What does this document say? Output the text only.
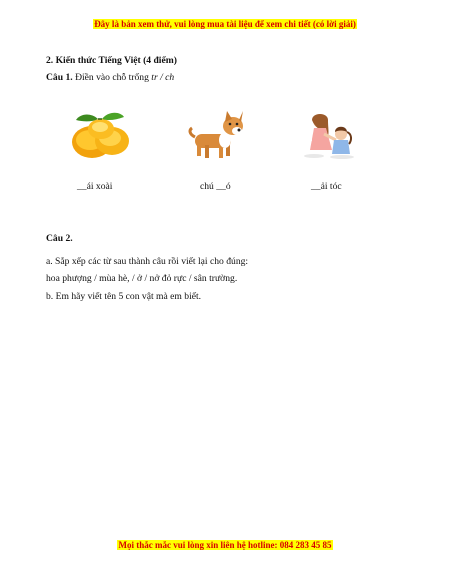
Đây là bản xem thử, vui lòng mua tài liệu để xem chi tiết (có lời giải)
2. Kiến thức Tiếng Việt (4 điểm)
Câu 1. Điền vào chỗ trống tr / ch
__ái xoài	chú __ó	__ải tóc
Câu 2.
a. Sắp xếp các từ sau thành câu rồi viết lại cho đúng:
hoa phượng / mùa hè, / ở / nở đỏ rực / sân trường.
b. Em hãy viết tên 5 con vật mà em biết.
Mọi thắc mắc vui lòng xin liên hệ hotline: 084 283 45 85
